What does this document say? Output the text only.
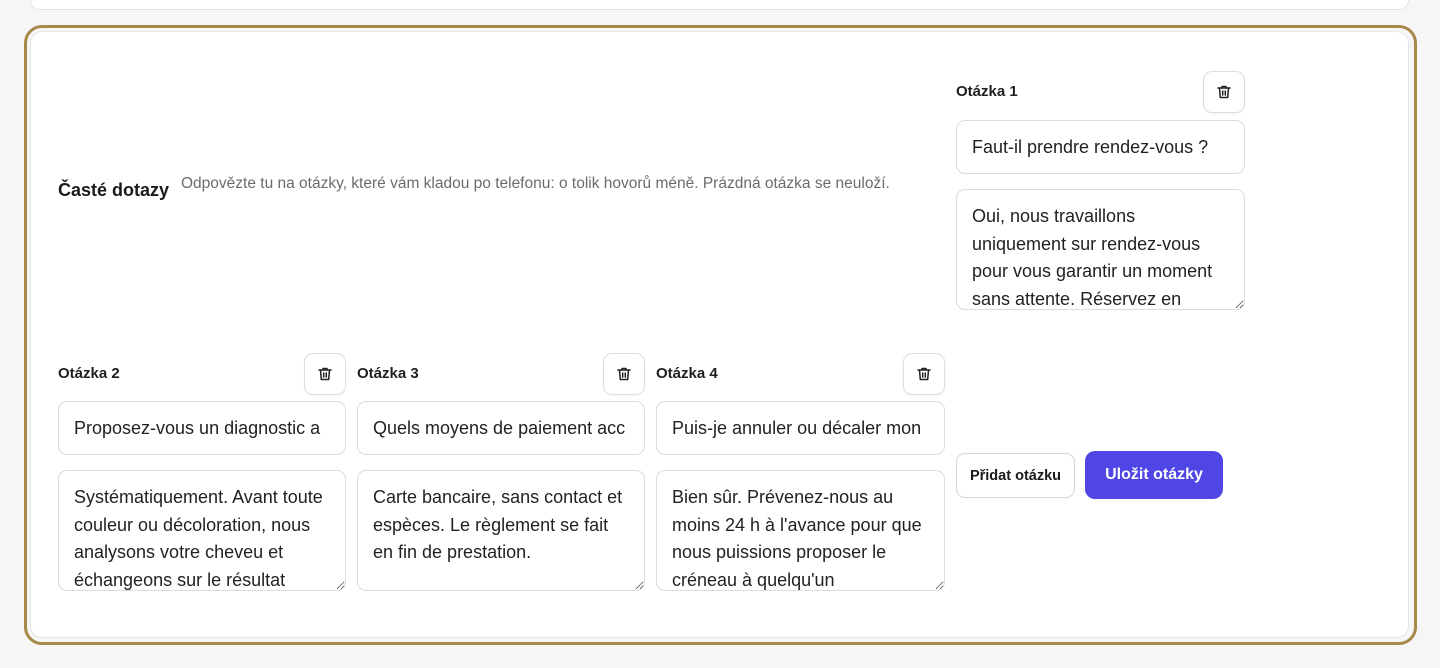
Časté dotazy Odpovězte tu na otázky, které vám kladou po telefonu: o tolik hovorů méně. Prázdná otázka se neuloží.
Otázka 1
Faut-il prendre rendez-vous ?
Oui, nous travaillons uniquement sur rendez-vous pour vous garantir un moment sans attente. Réservez en
Otázka 2
Proposez-vous un diagnostic a
Systématiquement. Avant toute couleur ou décoloration, nous analysons votre cheveu et échangeons sur le résultat	Otázka 3
Quels moyens de paiement acc
Carte bancaire, sans contact et espèces. Le règlement se fait en fin de prestation.	Otázka 4
Puis-je annuler ou décaler mon
Bien sûr. Prévenez-nous au moins 24 h à l'avance pour que nous puissions proposer le créneau à quelqu'un
Přidat otázku	Uložit otázky
